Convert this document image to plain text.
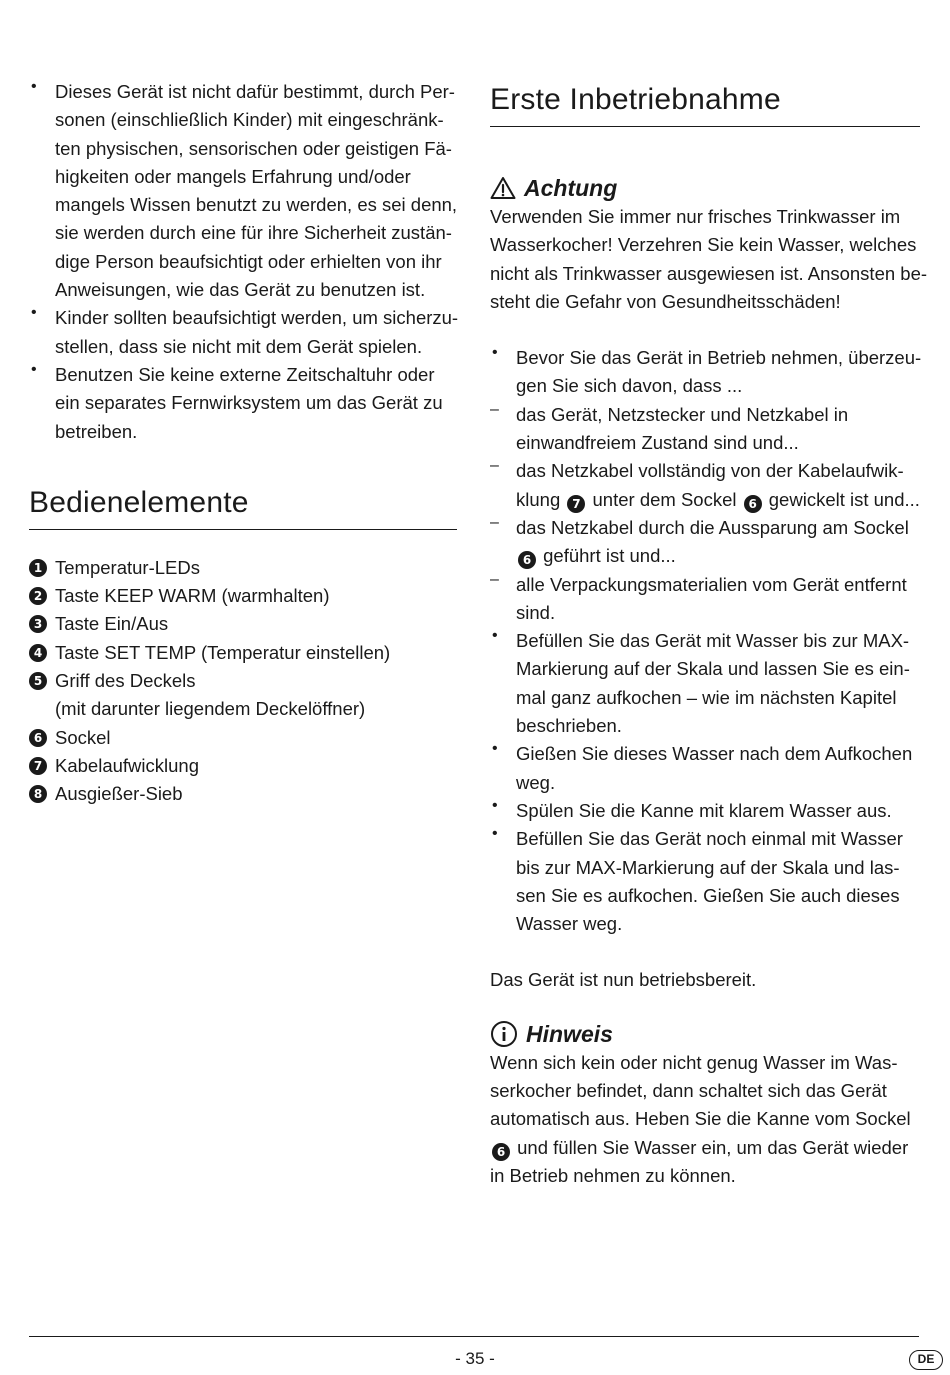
• Dieses Gerät ist nicht dafür bestimmt, durch Per-
sonen (einschließlich Kinder) mit eingeschränk-
ten physischen, sensorischen oder geistigen Fä-
higkeiten oder mangels Erfahrung und/oder
mangels Wissen benutzt zu werden, es sei denn,
sie werden durch eine für ihre Sicherheit zustän-
dige Person beaufsichtigt oder erhielten von ihr
Anweisungen, wie das Gerät zu benutzen ist.
• Kinder sollten beaufsichtigt werden, um sicherzu-
stellen, dass sie nicht mit dem Gerät spielen.
• Benutzen Sie keine externe Zeitschaltuhr oder
ein separates Fernwirksystem um das Gerät zu
betreiben.
Bedienelemente
1 Temperatur-LEDs
2 Taste KEEP WARM (warmhalten)
3 Taste Ein/Aus
4 Taste SET TEMP (Temperatur einstellen)
5 Griff des Deckels
(mit darunter liegendem Deckelöffner)
6 Sockel
7 Kabelaufwicklung
8 Ausgießer-Sieb
Erste Inbetriebnahme
Achtung
Verwenden Sie immer nur frisches Trinkwasser im
Wasserkocher! Verzehren Sie kein Wasser, welches
nicht als Trinkwasser ausgewiesen ist. Ansonsten be-
steht die Gefahr von Gesundheitsschäden!
• Bevor Sie das Gerät in Betrieb nehmen, überzeu-
gen Sie sich davon, dass ...
– das Gerät, Netzstecker und Netzkabel in
einwandfreiem Zustand sind und...
– das Netzkabel vollständig von der Kabelaufwik-
klung 7 unter dem Sockel 6 gewickelt ist und...
– das Netzkabel durch die Aussparung am Sockel
6 geführt ist und...
– alle Verpackungsmaterialien vom Gerät entfernt
sind.
• Befüllen Sie das Gerät mit Wasser bis zur MAX-
Markierung auf der Skala und lassen Sie es ein-
mal ganz aufkochen – wie im nächsten Kapitel
beschrieben.
• Gießen Sie dieses Wasser nach dem Aufkochen
weg.
• Spülen Sie die Kanne mit klarem Wasser aus.
• Befüllen Sie das Gerät noch einmal mit Wasser
bis zur MAX-Markierung auf der Skala und las-
sen Sie es aufkochen. Gießen Sie auch dieses
Wasser weg.
Das Gerät ist nun betriebsbereit.
Hinweis
Wenn sich kein oder nicht genug Wasser im Was-
serkocher befindet, dann schaltet sich das Gerät
automatisch aus. Heben Sie die Kanne vom Sockel
6 und füllen Sie Wasser ein, um das Gerät wieder
in Betrieb nehmen zu können.
- 35 -	DE
